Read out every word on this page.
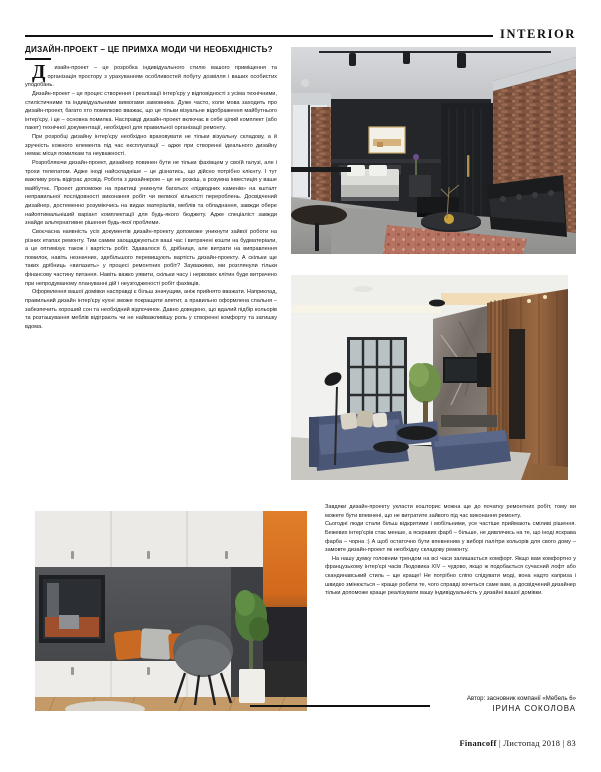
INTERIOR
ДИЗАЙН-ПРОЕКТ – ЦЕ ПРИМХА МОДИ ЧИ НЕОБХІДНІСТЬ?

Дизайн-проект – це розробка індивідуального стилю вашого приміщення та організація простору з урахуванням особливостей побуту дозвілля і ваших особистих уподобань.

Дизайн-проект – це процес створення і реалізації інтер'єру у відповідності з усіма технічними, стилістичними та індивідуальними вимогами замовника. Дуже часто, коли мова заходить про дизайн-проект, багато хто помилково вважає, що це тільки візуальне відображення майбутнього інтер'єру, і це – основна помилка. Насправді дизайн-проект включає в себе цілий комплект (або пакет) технічної документації, необхідної для правильної організації ремонту.

При розробці дизайну інтер'єру необхідно враховувати не тільки візуальну складову, а й зручність кожного елемента під час експлуатації – адже при створенні ідеального дизайну немає місця помилкам та неуважності.

Розробляючи дизайн-проект, дизайнер повинен бути не тільки фахівцем у своїй галузі, але і трохи телепатом. Адже іноді найскладніше – це дізнатись, що дійсно потрібно клієнту. І тут важливу роль відіграє досвід. Робота з дизайнером – це не розкіш, а розумна інвестиція у ваше майбутнє. Проект допоможе на практиці уникнути багатьох «підводних каменів» на кшталт неправильної послідовності виконання робіт чи великої кількості перероблень. Досвідчений дизайнер, достеменно розуміючись на видах матеріалів, меблів та обладнання, завжди обере найоптимальніший варіант комплектації для будь-якого бюджету. Адже спеціаліст завжди знайде альтернативне рішення будь-якої проблеми.

Своєчасна наявність усіх документів дизайн-проекту допоможе уникнути зайвої роботи на різних етапах ремонту. Тим самим заощаджуються ваші час і витрачені кошти на будматеріали, а це оптимізує також і вартість робіт. Здавалося б, дрібниця, але витрати на виправлення помилок, навіть незначних, здебільшого перевищують вартість дизайн-проекту. А скільки ще таких дрібниць «вилазить» у процесі ремонтних робіт? Зауважимо, ми розглянули тільки фінансову частину питання. Навіть важко уявити, скільки часу і нервових клітин буде витрачено при непродуманому плануванні дій і неузгодженості робіт фахівців.

Оформлення вашої домівки насправді є більш значущим, аніж прийнято вважати. Наприклад, правильний дизайн інтер'єру кухні зможе покращити апетит, а правильно оформлена спальня – забезпечить хороший сон та необхідний відпочинок. Давно доведено, що вдалий підбір кольорів та розташування меблів відіграють чи не найважливішу роль у створенні комфорту та затишку вдома.

Завдяки дизайн-проекту укласти кошторис можна ще до початку ремонтних робіт, тому ви можете бути впевнені, що не витратите зайвого під час виконання ремонту.

Сьогодні люди стали більш відкритими і мобільними, усе частіше приймають сміливі рішення. Бежевих інтер'єрів стає менше, а яскравих фарб – більше, не дивлячись на те, що іноді яскрава фарба – чорна :) А щоб остаточно бути впевненим у виборі палітри кольорів для свого дому – замовте дизайн-проект як необхідну складову ремонту.

На нашу думку головним трендом на всі часи залишається комфорт. Якщо вам комфортно у французькому інтер'єрі часів Людовика XIV – чудово, якщо ж подобається сучасний лофт або скандинавський стиль – ще краще! Не потрібно сліпо слідувати моді, вона надто каприза і швидко змінюється – краще робити те, чого справді хочеться саме вам, а досвідчений дизайнер тільки допоможе краще реалізувати вашу індивідуальність у дизайні вашої домівки.

Автор: засновник компанії «Мебель 6»
ІРИНА СОКОЛОВА
Financoff | Листопад 2018 | 83
